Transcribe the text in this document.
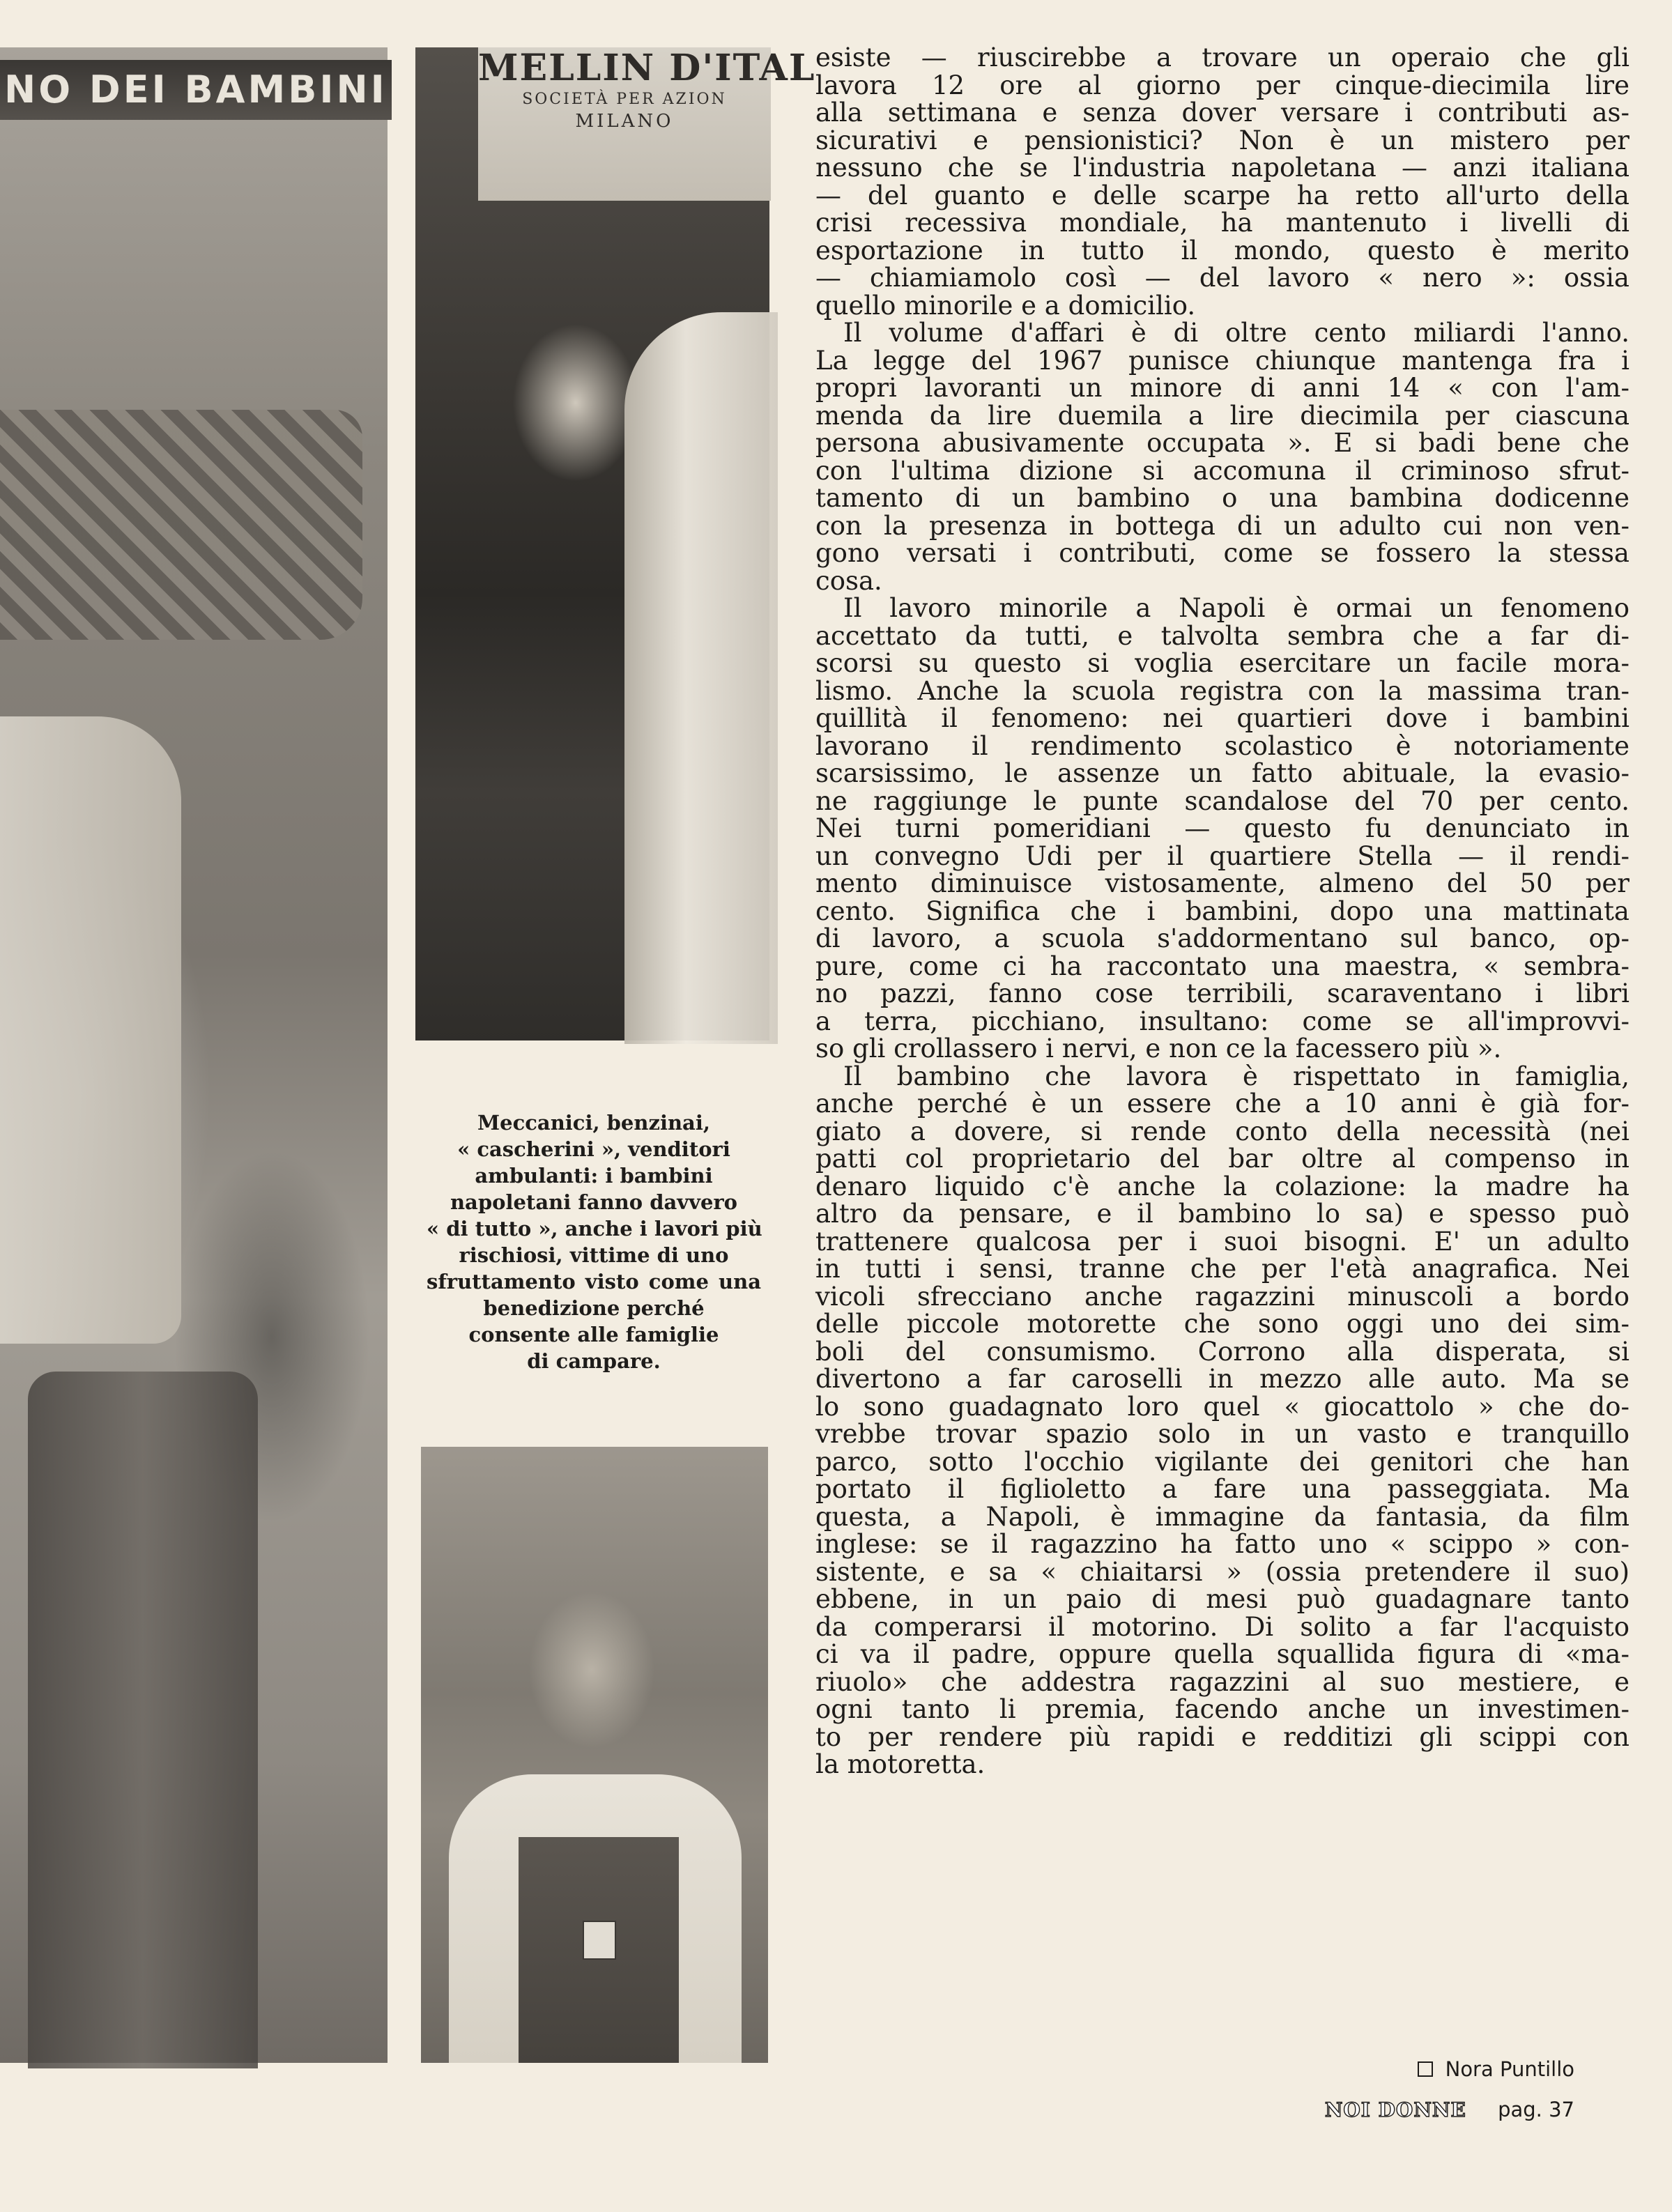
NO DEI BAMBINI	MELLIN D'ITAL
SOCIETÀ PER AZION
MILANO

Meccanici, benzinai,
« cascherini », venditori
ambulanti: i bambini
napoletani fanno davvero
« di tutto », anche i lavori più
rischiosi, vittime di uno
sfruttamento visto come una
benedizione perché
consente alle famiglie
di campare.

esiste — riuscirebbe a trovare un operaio che gli
lavora 12 ore al giorno per cinque-diecimila lire
alla settimana e senza dover versare i contributi as-
sicurativi e pensionistici? Non è un mistero per
nessuno che se l'industria napoletana — anzi italiana
— del guanto e delle scarpe ha retto all'urto della
crisi recessiva mondiale, ha mantenuto i livelli di
esportazione in tutto il mondo, questo è merito
— chiamiamolo così — del lavoro « nero »: ossia
quello minorile e a domicilio.
Il volume d'affari è di oltre cento miliardi l'anno.
La legge del 1967 punisce chiunque mantenga fra i
propri lavoranti un minore di anni 14 « con l'am-
menda da lire duemila a lire diecimila per ciascuna
persona abusivamente occupata ». E si badi bene che
con l'ultima dizione si accomuna il criminoso sfrut-
tamento di un bambino o una bambina dodicenne
con la presenza in bottega di un adulto cui non ven-
gono versati i contributi, come se fossero la stessa
cosa.
Il lavoro minorile a Napoli è ormai un fenomeno
accettato da tutti, e talvolta sembra che a far di-
scorsi su questo si voglia esercitare un facile mora-
lismo. Anche la scuola registra con la massima tran-
quillità il fenomeno: nei quartieri dove i bambini
lavorano il rendimento scolastico è notoriamente
scarsissimo, le assenze un fatto abituale, la evasio-
ne raggiunge le punte scandalose del 70 per cento.
Nei turni pomeridiani — questo fu denunciato in
un convegno Udi per il quartiere Stella — il rendi-
mento diminuisce vistosamente, almeno del 50 per
cento. Significa che i bambini, dopo una mattinata
di lavoro, a scuola s'addormentano sul banco, op-
pure, come ci ha raccontato una maestra, « sembra-
no pazzi, fanno cose terribili, scaraventano i libri
a terra, picchiano, insultano: come se all'improvvi-
so gli crollassero i nervi, e non ce la facessero più ».
Il bambino che lavora è rispettato in famiglia,
anche perché è un essere che a 10 anni è già for-
giato a dovere, si rende conto della necessità (nei
patti col proprietario del bar oltre al compenso in
denaro liquido c'è anche la colazione: la madre ha
altro da pensare, e il bambino lo sa) e spesso può
trattenere qualcosa per i suoi bisogni. E' un adulto
in tutti i sensi, tranne che per l'età anagrafica. Nei
vicoli sfrecciano anche ragazzini minuscoli a bordo
delle piccole motorette che sono oggi uno dei sim-
boli del consumismo. Corrono alla disperata, si
divertono a far caroselli in mezzo alle auto. Ma se
lo sono guadagnato loro quel « giocattolo » che do-
vrebbe trovar spazio solo in un vasto e tranquillo
parco, sotto l'occhio vigilante dei genitori che han
portato il figlioletto a fare una passeggiata. Ma
questa, a Napoli, è immagine da fantasia, da film
inglese: se il ragazzino ha fatto uno « scippo » con-
sistente, e sa « chiaitarsi » (ossia pretendere il suo)
ebbene, in un paio di mesi può guadagnare tanto
da comperarsi il motorino. Di solito a far l'acquisto
ci va il padre, oppure quella squallida figura di «ma-
riuolo» che addestra ragazzini al suo mestiere, e
ogni tanto li premia, facendo anche un investimen-
to per rendere più rapidi e redditizi gli scippi con
la motoretta.
Nora Puntillo
NOI DONNE pag. 37
